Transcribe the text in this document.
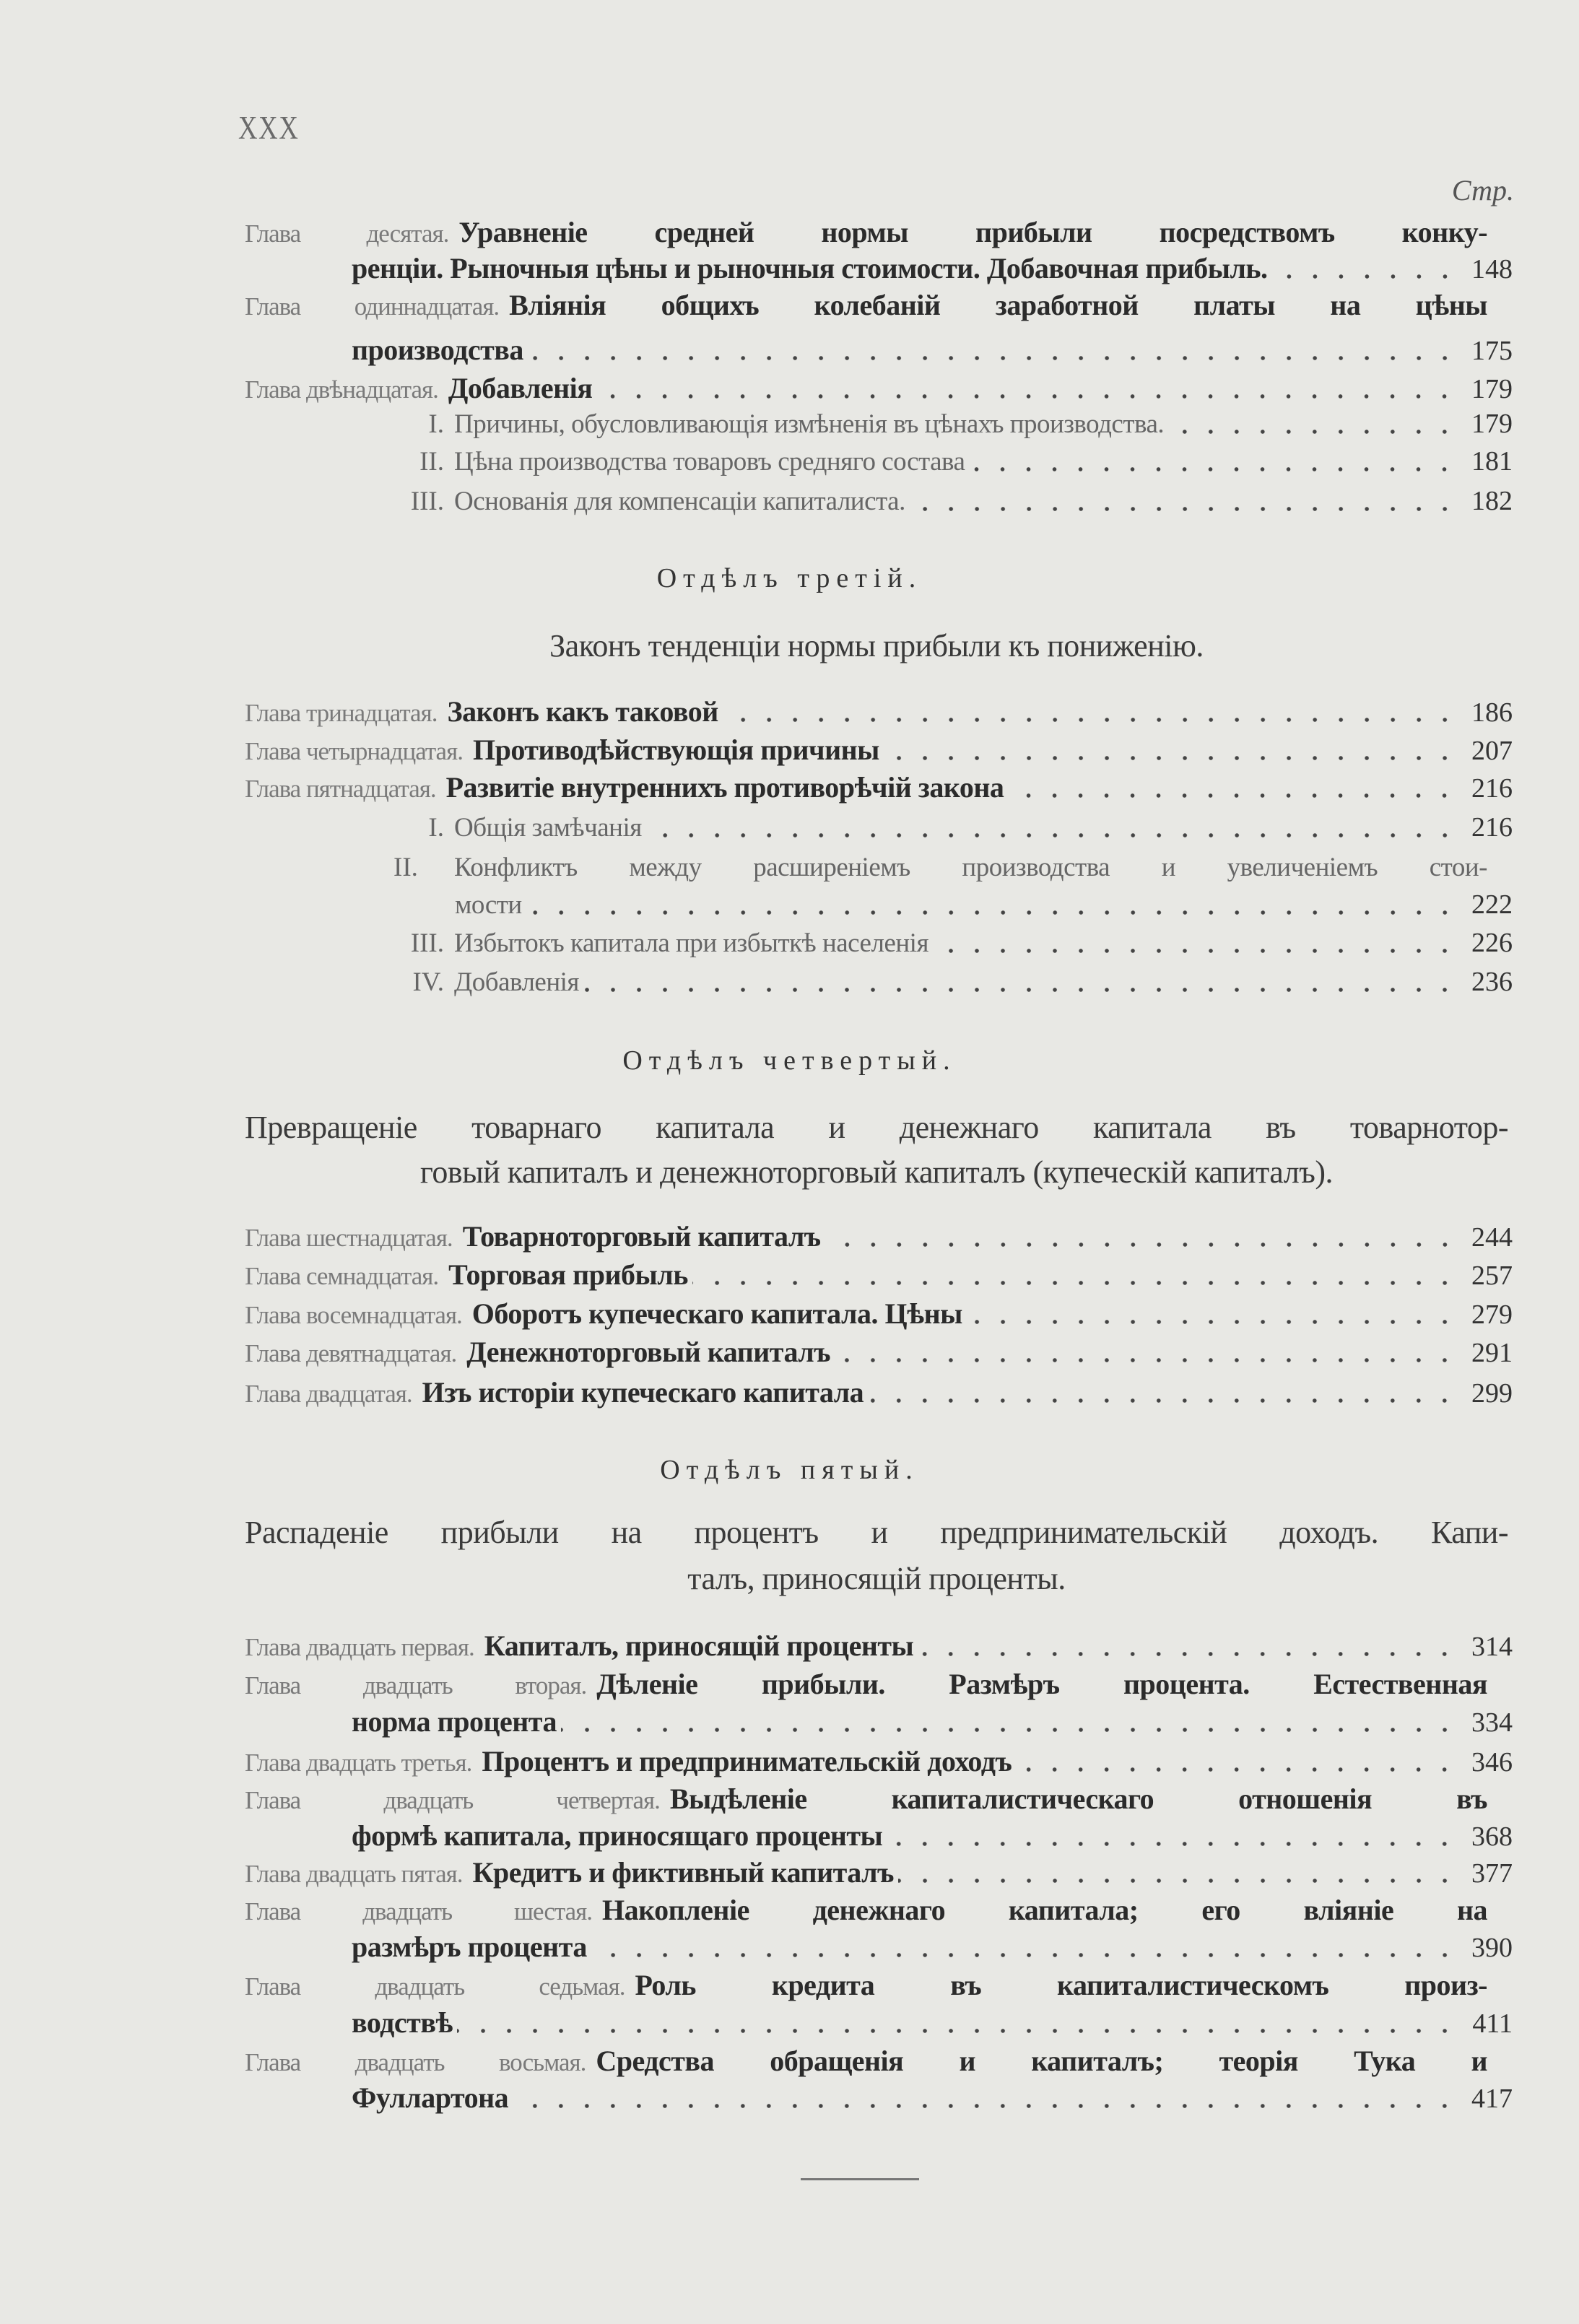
XXX
Стр.
Глава десятая. Уравненіе средней нормы прибыли посредствомъ конку-
ренціи. Рыночныя цѣны и рыночныя стоимости. Добавочная прибыль.	148
Глава одиннадцатая. Вліянія общихъ колебаній заработной платы на цѣны
производства	175
Глава двѣнадцатая. Добавленія	179
I. Причины, обусловливающія измѣненія въ цѣнахъ производства.	179
II. Цѣна производства товаровъ средняго состава	181
III. Основанія для компенсаціи капиталиста.	182
Отдѣлъ третій.
Законъ тенденціи нормы прибыли къ пониженію.
Глава тринадцатая. Законъ какъ таковой	186
Глава четырнадцатая. Противодѣйствующія причины	207
Глава пятнадцатая. Развитіе внутреннихъ противорѣчій закона	216
I. Общія замѣчанія	216
II. Конфликтъ между расширеніемъ производства и увеличеніемъ стои-
мости	222
III. Избытокъ капитала при избыткѣ населенія	226
IV. Добавленія	236
Отдѣлъ четвертый.
Превращеніе товарнаго капитала и денежнаго капитала въ товарнотор-
говый капиталъ и денежноторговый капиталъ (купеческій капиталъ).
Глава шестнадцатая. Товарноторговый капиталъ	244
Глава семнадцатая. Торговая прибыль	257
Глава восемнадцатая. Оборотъ купеческаго капитала. Цѣны	279
Глава девятнадцатая. Денежноторговый капиталъ	291
Глава двадцатая. Изъ исторіи купеческаго капитала	299
Отдѣлъ пятый.
Распаденіе прибыли на процентъ и предпринимательскій доходъ. Капи-
талъ, приносящій проценты.
Глава двадцать первая. Капиталъ, приносящій проценты	314
Глава двадцать вторая. Дѣленіе прибыли. Размѣръ процента. Естественная
норма процента	334
Глава двадцать третья. Процентъ и предпринимательскій доходъ	346
Глава двадцать четвертая. Выдѣленіе капиталистическаго отношенія въ
формѣ капитала, приносящаго проценты	368
Глава двадцать пятая. Кредитъ и фиктивный капиталъ	377
Глава двадцать шестая. Накопленіе денежнаго капитала; его вліяніе на
размѣръ процента	390
Глава двадцать седьмая. Роль кредита въ капиталистическомъ произ-
водствѣ	411
Глава двадцать восьмая. Средства обращенія и капиталъ; теорія Тука и
Фуллартона	417
